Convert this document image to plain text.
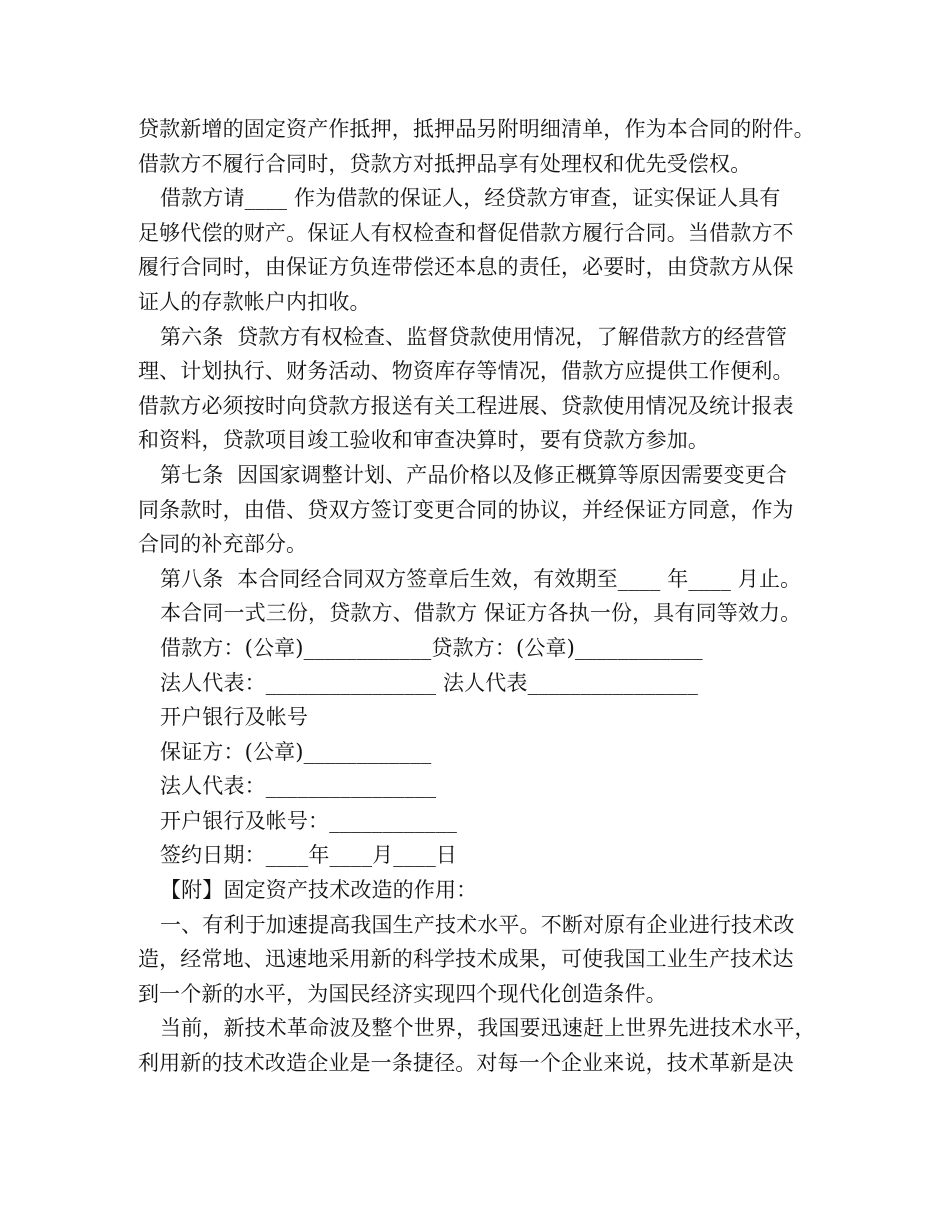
贷款新增的固定资产作抵押，抵押品另附明细清单，作为本合同的附件。
借款方不履行合同时，贷款方对抵押品享有处理权和优先受偿权。
借款方请____ 作为借款的保证人，经贷款方审查，证实保证人具有
足够代偿的财产。保证人有权检查和督促借款方履行合同。当借款方不
履行合同时，由保证方负连带偿还本息的责任，必要时，由贷款方从保
证人的存款帐户内扣收。
第六条  贷款方有权检查、监督贷款使用情况，了解借款方的经营管
理、计划执行、财务活动、物资库存等情况，借款方应提供工作便利。
借款方必须按时向贷款方报送有关工程进展、贷款使用情况及统计报表
和资料，贷款项目竣工验收和审查决算时，要有贷款方参加。
第七条  因国家调整计划、产品价格以及修正概算等原因需要变更合
同条款时，由借、贷双方签订变更合同的协议，并经保证方同意，作为
合同的补充部分。
第八条  本合同经合同双方签章后生效，有效期至____ 年____ 月止。
本合同一式三份，贷款方、借款方 保证方各执一份，具有同等效力。
借款方：(公章)____________贷款方：(公章)____________
法人代表：________________ 法人代表________________
开户银行及帐号
保证方：(公章)____________
法人代表：________________
开户银行及帐号：____________
签约日期：____年____月____日
【附】固定资产技术改造的作用：
一、有利于加速提高我国生产技术水平。不断对原有企业进行技术改
造，经常地、迅速地采用新的科学技术成果，可使我国工业生产技术达
到一个新的水平，为国民经济实现四个现代化创造条件。
当前，新技术革命波及整个世界，我国要迅速赶上世界先进技术水平，
利用新的技术改造企业是一条捷径。对每一个企业来说，技术革新是决
